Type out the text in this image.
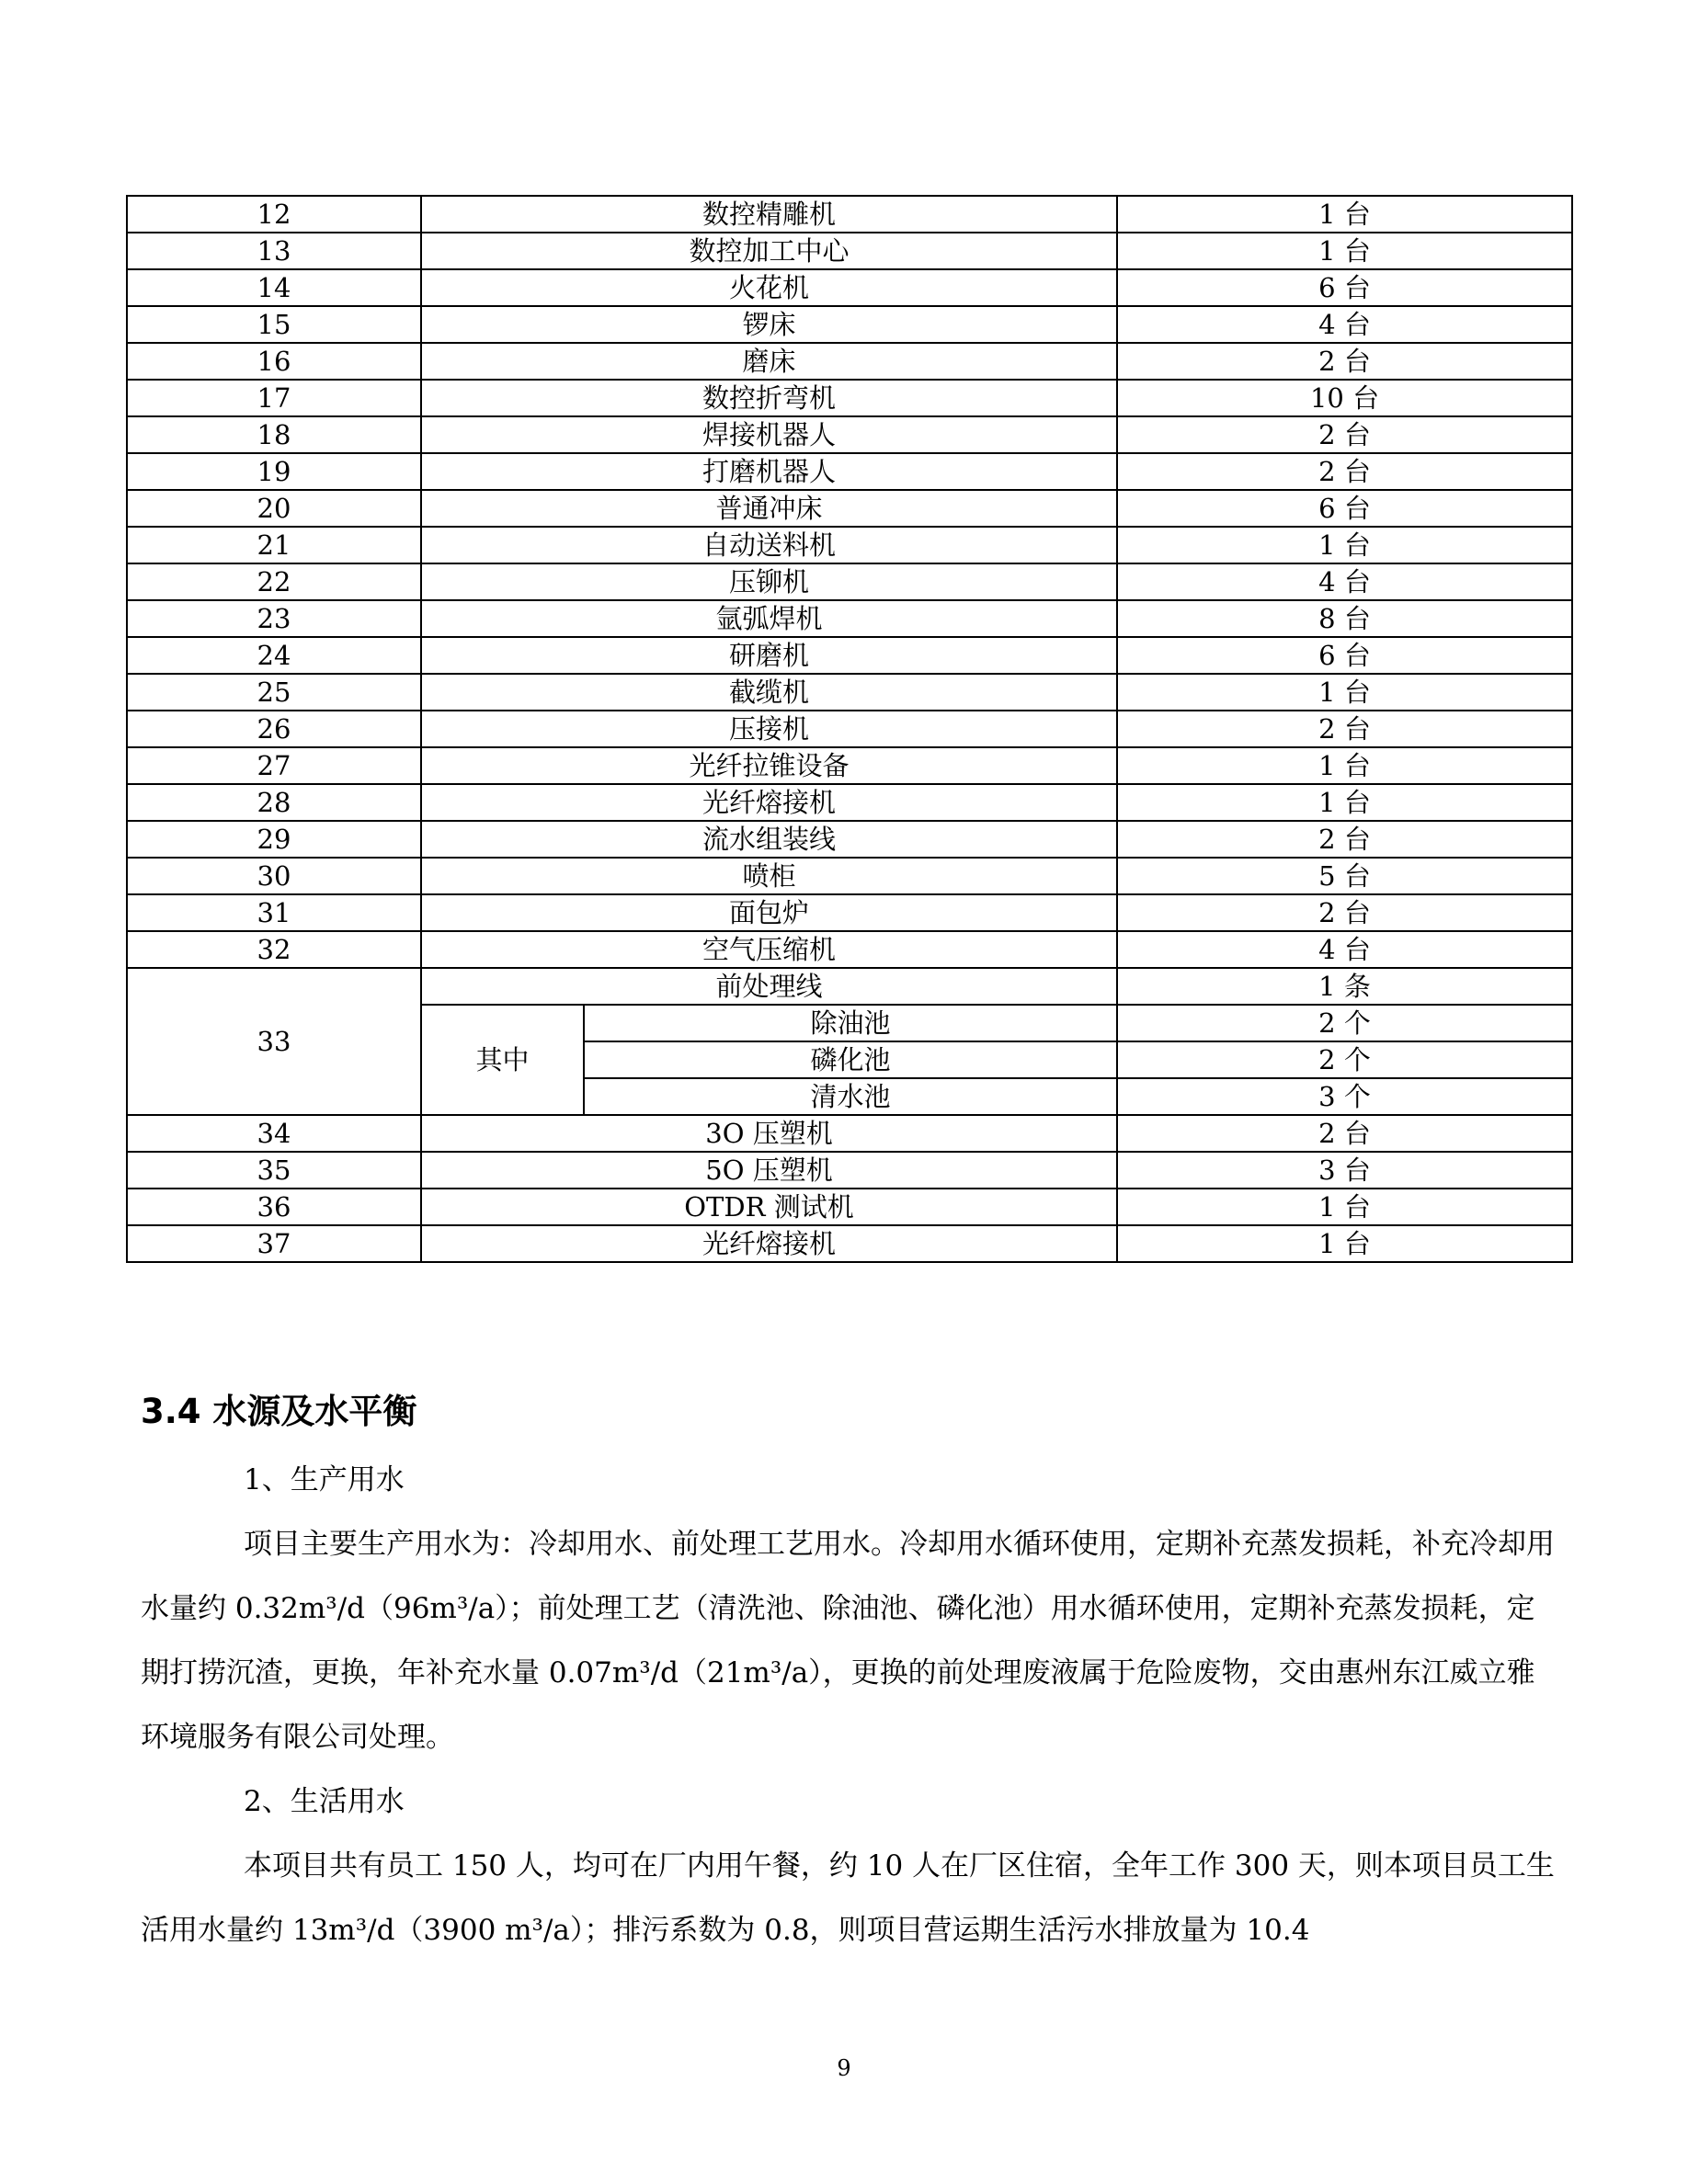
12	数控精雕机		1 台
13	数控加工中心		1 台
14	火花机		6 台
15	锣床		4 台
16	磨床		2 台
17	数控折弯机		10 台
18	焊接机器人		2 台
19	打磨机器人		2 台
20	普通冲床		6 台
21	自动送料机		1 台
22	压铆机		4 台
23	氩弧焊机		8 台
24	研磨机		6 台
25	截缆机		1 台
26	压接机		2 台
27	光纤拉锥设备		1 台
28	光纤熔接机		1 台
29	流水组装线		2 台
30	喷柜		5 台
31	面包炉		2 台
32	空气压缩机		4 台
33	前处理线		1 条
	其中	除油池	2 个
		磷化池	2 个
		清水池	3 个
34	3O 压塑机		2 台
35	5O 压塑机		3 台
36	OTDR 测试机		1 台
37	光纤熔接机		1 台
3.4 水源及水平衡
1、生产用水
项目主要生产用水为：冷却用水、前处理工艺用水。冷却用水循环使用，定期补充蒸发损耗，补充冷却用水量约 0.32m³/d（96m³/a）；前处理工艺（清洗池、除油池、磷化池）用水循环使用，定期补充蒸发损耗，定期打捞沉渣，更换，年补充水量 0.07m³/d（21m³/a），更换的前处理废液属于危险废物，交由惠州东江威立雅环境服务有限公司处理。
2、生活用水
本项目共有员工 150 人，均可在厂内用午餐，约 10 人在厂区住宿，全年工作 300 天，则本项目员工生活用水量约 13m³/d（3900 m³/a）；排污系数为 0.8，则项目营运期生活污水排放量为 10.4
9
